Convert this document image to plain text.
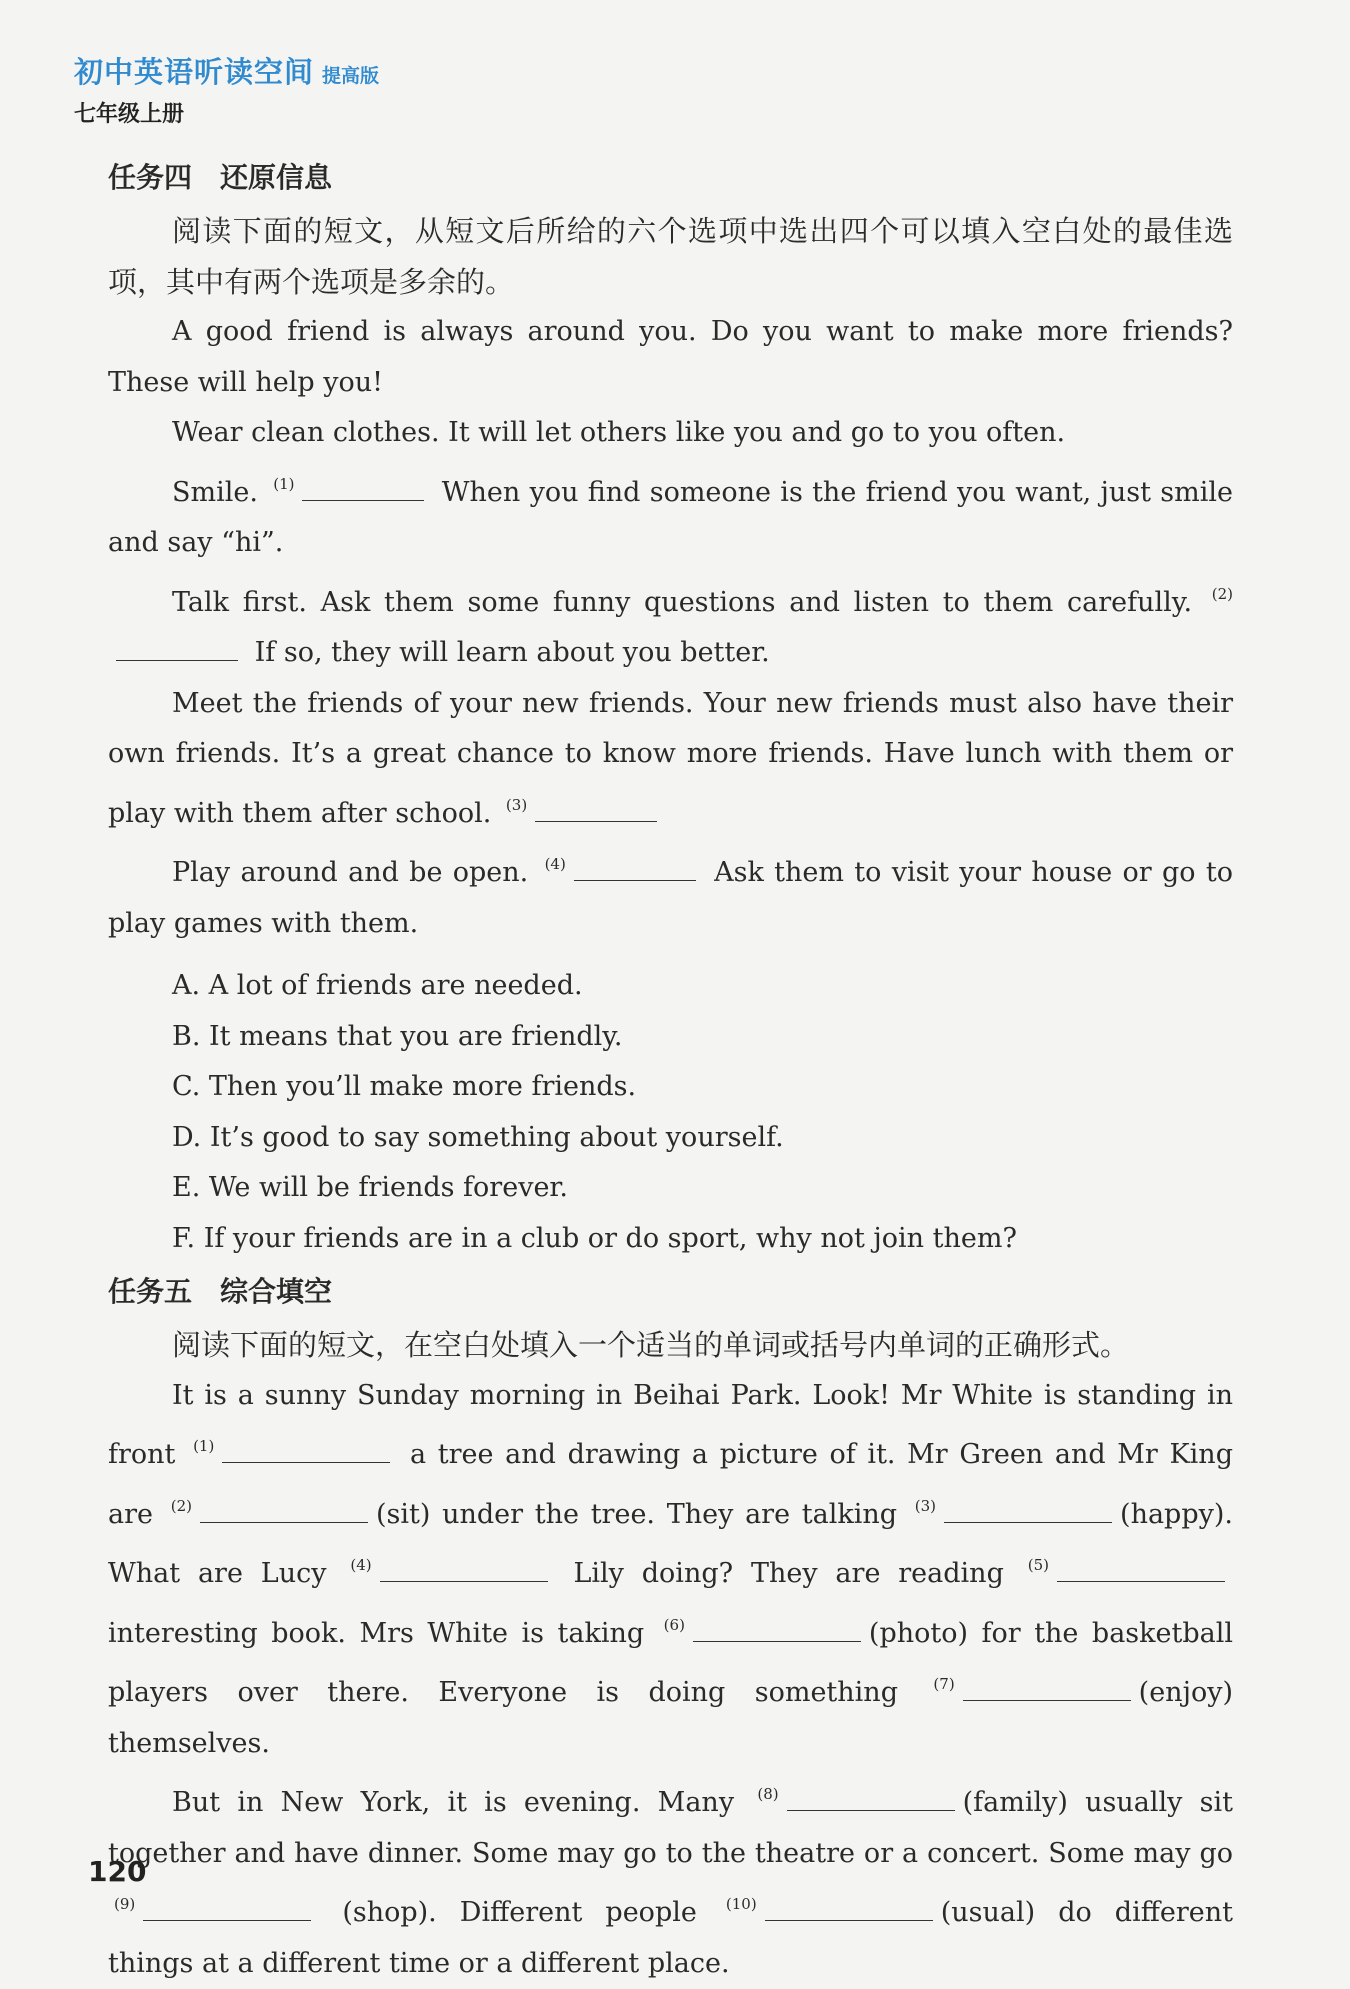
初中英语听读空间 提高版
七年级上册
任务四 还原信息
阅读下面的短文，从短文后所给的六个选项中选出四个可以填入空白处的最佳选项，其中有两个选项是多余的。
A good friend is always around you. Do you want to make more friends? These will help you!
Wear clean clothes. It will let others like you and go to you often.
Smile. $^{(1)}$	When you find someone is the friend you want, just smile and say “hi”.
Talk first. Ask them some funny questions and listen to them carefully. $^{(2)}$ If so, they will learn about you better.
Meet the friends of your new friends. Your new friends must also have their own friends. It’s a great chance to know more friends. Have lunch with them or play with them after school. $^{(3)}$
Play around and be open. $^{(4)}$	Ask them to visit your house or go to play games with them.
A. A lot of friends are needed.
B. It means that you are friendly.
C. Then you’ll make more friends.
D. It’s good to say something about yourself.
E. We will be friends forever.
F. If your friends are in a club or do sport, why not join them?
任务五 综合填空
阅读下面的短文，在空白处填入一个适当的单词或括号内单词的正确形式。
It is a sunny Sunday morning in Beihai Park. Look! Mr White is standing in front $^{(1)}$	a tree and drawing a picture of it. Mr Green and Mr King are $^{(2)}$	(sit) under the tree. They are talking $^{(3)}$	(happy). What are Lucy $^{(4)}$	Lily doing? They are reading $^{(5)}$ interesting book. Mrs White is taking $^{(6)}$	(photo) for the basketball players over there. Everyone is doing something $^{(7)}$	(enjoy) themselves.
But in New York, it is evening. Many $^{(8)}$	(family) usually sit together and have dinner. Some may go to the theatre or a concert. Some may go $^{(9)}$	(shop). Different people $^{(10)}$	(usual) do different things at a different time or a different place.
120
